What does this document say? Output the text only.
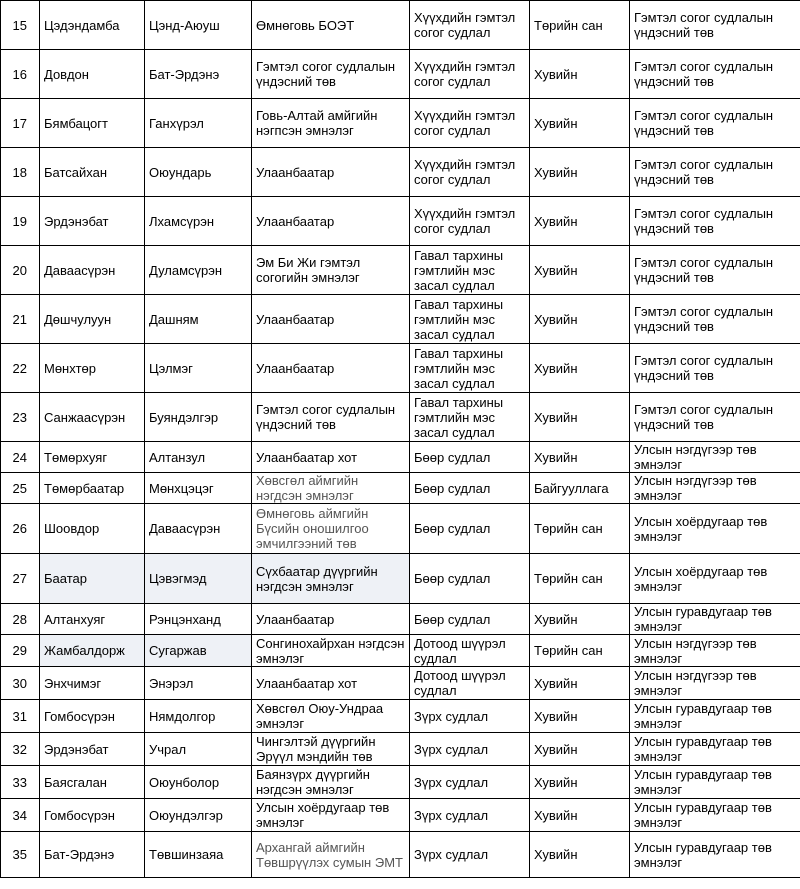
15	Цэдэндамба	Цэнд-Аюуш	Өмнөговь БОЭТ	Хүүхдийн гэмтэл согог судлал	Төрийн сан	Гэмтэл согог судлалын үндэсний төв
16	Довдон	Бат-Эрдэнэ	Гэмтэл согог судлалын үндэсний төв	Хүүхдийн гэмтэл согог судлал	Хувийн	Гэмтэл согог судлалын үндэсний төв
17	Бямбацогт	Ганхүрэл	Говь-Алтай амйгийн нэгпсэн эмнэлэг	Хүүхдийн гэмтэл согог судлал	Хувийн	Гэмтэл согог судлалын үндэсний төв
18	Батсайхан	Оюундарь	Улаанбаатар	Хүүхдийн гэмтэл согог судлал	Хувийн	Гэмтэл согог судлалын үндэсний төв
19	Эрдэнэбат	Лхамсүрэн	Улаанбаатар	Хүүхдийн гэмтэл согог судлал	Хувийн	Гэмтэл согог судлалын үндэсний төв
20	Даваасүрэн	Дуламсүрэн	Эм Би Жи гэмтэл согогийн эмнэлэг	Гавал тархины гэмтлийн мэс засал судлал	Хувийн	Гэмтэл согог судлалын үндэсний төв
21	Дөшчулуун	Дашням	Улаанбаатар	Гавал тархины гэмтлийн мэс засал судлал	Хувийн	Гэмтэл согог судлалын үндэсний төв
22	Мөнхтөр	Цэлмэг	Улаанбаатар	Гавал тархины гэмтлийн мэс засал судлал	Хувийн	Гэмтэл согог судлалын үндэсний төв
23	Санжаасүрэн	Буяндэлгэр	Гэмтэл согог судлалын үндэсний төв	Гавал тархины гэмтлийн мэс засал судлал	Хувийн	Гэмтэл согог судлалын үндэсний төв
24	Төмөрхуяг	Алтанзул	Улаанбаатар хот	Бөөр судлал	Хувийн	Улсын нэгдүгээр төв эмнэлэг
25	Төмөрбаатар	Мөнхцэцэг	Хөвсгөл аймгийн нэгдсэн эмнэлэг	Бөөр судлал	Байгууллага	Улсын нэгдүгээр төв эмнэлэг
26	Шоовдор	Даваасүрэн	Өмнөговь аймгийн Бүсийн оношилгоо эмчилгээний төв	Бөөр судлал	Төрийн сан	Улсын хоёрдугаар төв эмнэлэг
27	Баатар	Цэвэгмэд	Сүхбаатар дүүргийн нэгдсэн эмнэлэг	Бөөр судлал	Төрийн сан	Улсын хоёрдугаар төв эмнэлэг
28	Алтанхуяг	Рэнцэнханд	Улаанбаатар	Бөөр судлал	Хувийн	Улсын гуравдугаар төв эмнэлэг
29	Жамбалдорж	Сугаржав	Сонгинохайрхан нэгдсэн эмнэлэг	Дотоод шүүрэл судлал	Төрийн сан	Улсын нэгдүгээр төв эмнэлэг
30	Энхчимэг	Энэрэл	Улаанбаатар хот	Дотоод шүүрэл судлал	Хувийн	Улсын нэгдүгээр төв эмнэлэг
31	Гомбосүрэн	Нямдолгор	Хөвсгөл Оюу-Ундраа эмнэлэг	Зүрх судлал	Хувийн	Улсын гуравдугаар төв эмнэлэг
32	Эрдэнэбат	Учрал	Чингэлтэй дүүргийн Эрүүл мэндийн төв	Зүрх судлал	Хувийн	Улсын гуравдугаар төв эмнэлэг
33	Баясгалан	Оюунболор	Баянзүрх дүүргийн нэгдсэн эмнэлэг	Зүрх судлал	Хувийн	Улсын гуравдугаар төв эмнэлэг
34	Гомбосүрэн	Оюундэлгэр	Улсын хоёрдугаар төв эмнэлэг	Зүрх судлал	Хувийн	Улсын гуравдугаар төв эмнэлэг
35	Бат-Эрдэнэ	Төвшинзаяа	Архангай аймгийн Төвшрүүлэх сумын ЭМТ	Зүрх судлал	Хувийн	Улсын гуравдугаар төв эмнэлэг
